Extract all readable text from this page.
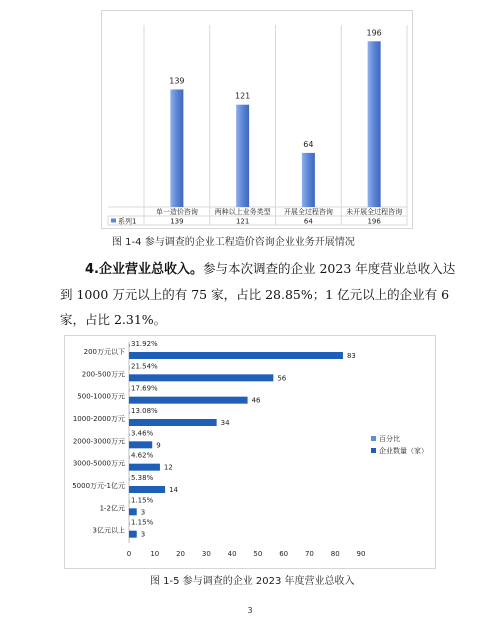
139
单一造价咨询
139
121
两种以上业务类型
121
64
开展全过程咨询
64
196
未开展全过程咨询
196
系列1
图 1-4 参与调查的企业工程造价咨询企业业务开展情况
4.企业营业总收入。参与本次调查的企业 2023 年度营业总收入达到 1000 万元以上的有 75 家，占比 28.85%；1 亿元以上的企业有 6 家，占比 2.31%。
200万元以下
31.92%
83
200-500万元
21.54%
56
500-1000万元
17.69%
46
1000-2000万元
13.08%
34
2000-3000万元
3.46%
9
3000-5000万元
4.62%
12
5000万元-1亿元
5.38%
14
1-2亿元
1.15%
3
3亿元以上
1.15%
3
0	10 20 30 40 50 60 70 80 90
百分比
企业数量（家）
图 1-5 参与调查的企业 2023 年度营业总收入
3
